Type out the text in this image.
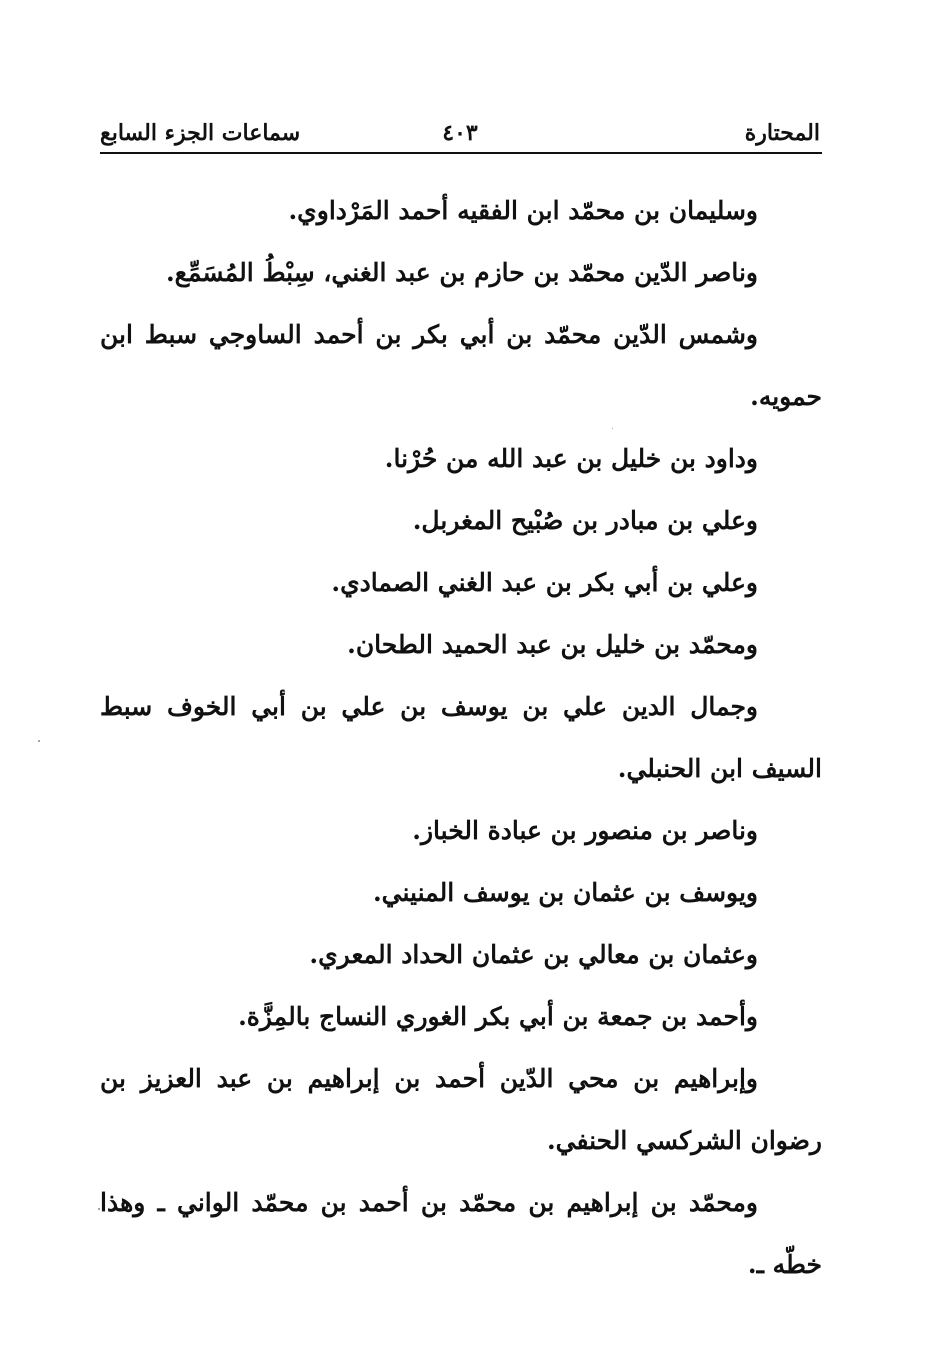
المحتارة
٤٠٣
سماعات الجزء السابع
وسليمان بن محمّد ابن الفقيه أحمد المَرْداوي.
وناصر الدّين محمّد بن حازم بن عبد الغني، سِبْطُ المُسَمِّع.
وشمس الدّين محمّد بن أبي بكر بن أحمد الساوجي سبط ابن
حمويه.
وداود بن خليل بن عبد الله من حُرْنا.
وعلي بن مبادر بن صُبْيح المغربل.
وعلي بن أبي بكر بن عبد الغني الصمادي.
ومحمّد بن خليل بن عبد الحميد الطحان.
وجمال الدين علي بن يوسف بن علي بن أبي الخوف سبط
السيف ابن الحنبلي.
وناصر بن منصور بن عبادة الخباز.
ويوسف بن عثمان بن يوسف المنيني.
وعثمان بن معالي بن عثمان الحداد المعري.
وأحمد بن جمعة بن أبي بكر الغوري النساج بالمِزَّة.
وإبراهيم بن محي الدّين أحمد بن إبراهيم بن عبد العزيز بن
رضوان الشركسي الحنفي.
ومحمّد بن إبراهيم بن محمّد بن أحمد بن محمّد الواني ـ وهذا
خطّه ـ.
